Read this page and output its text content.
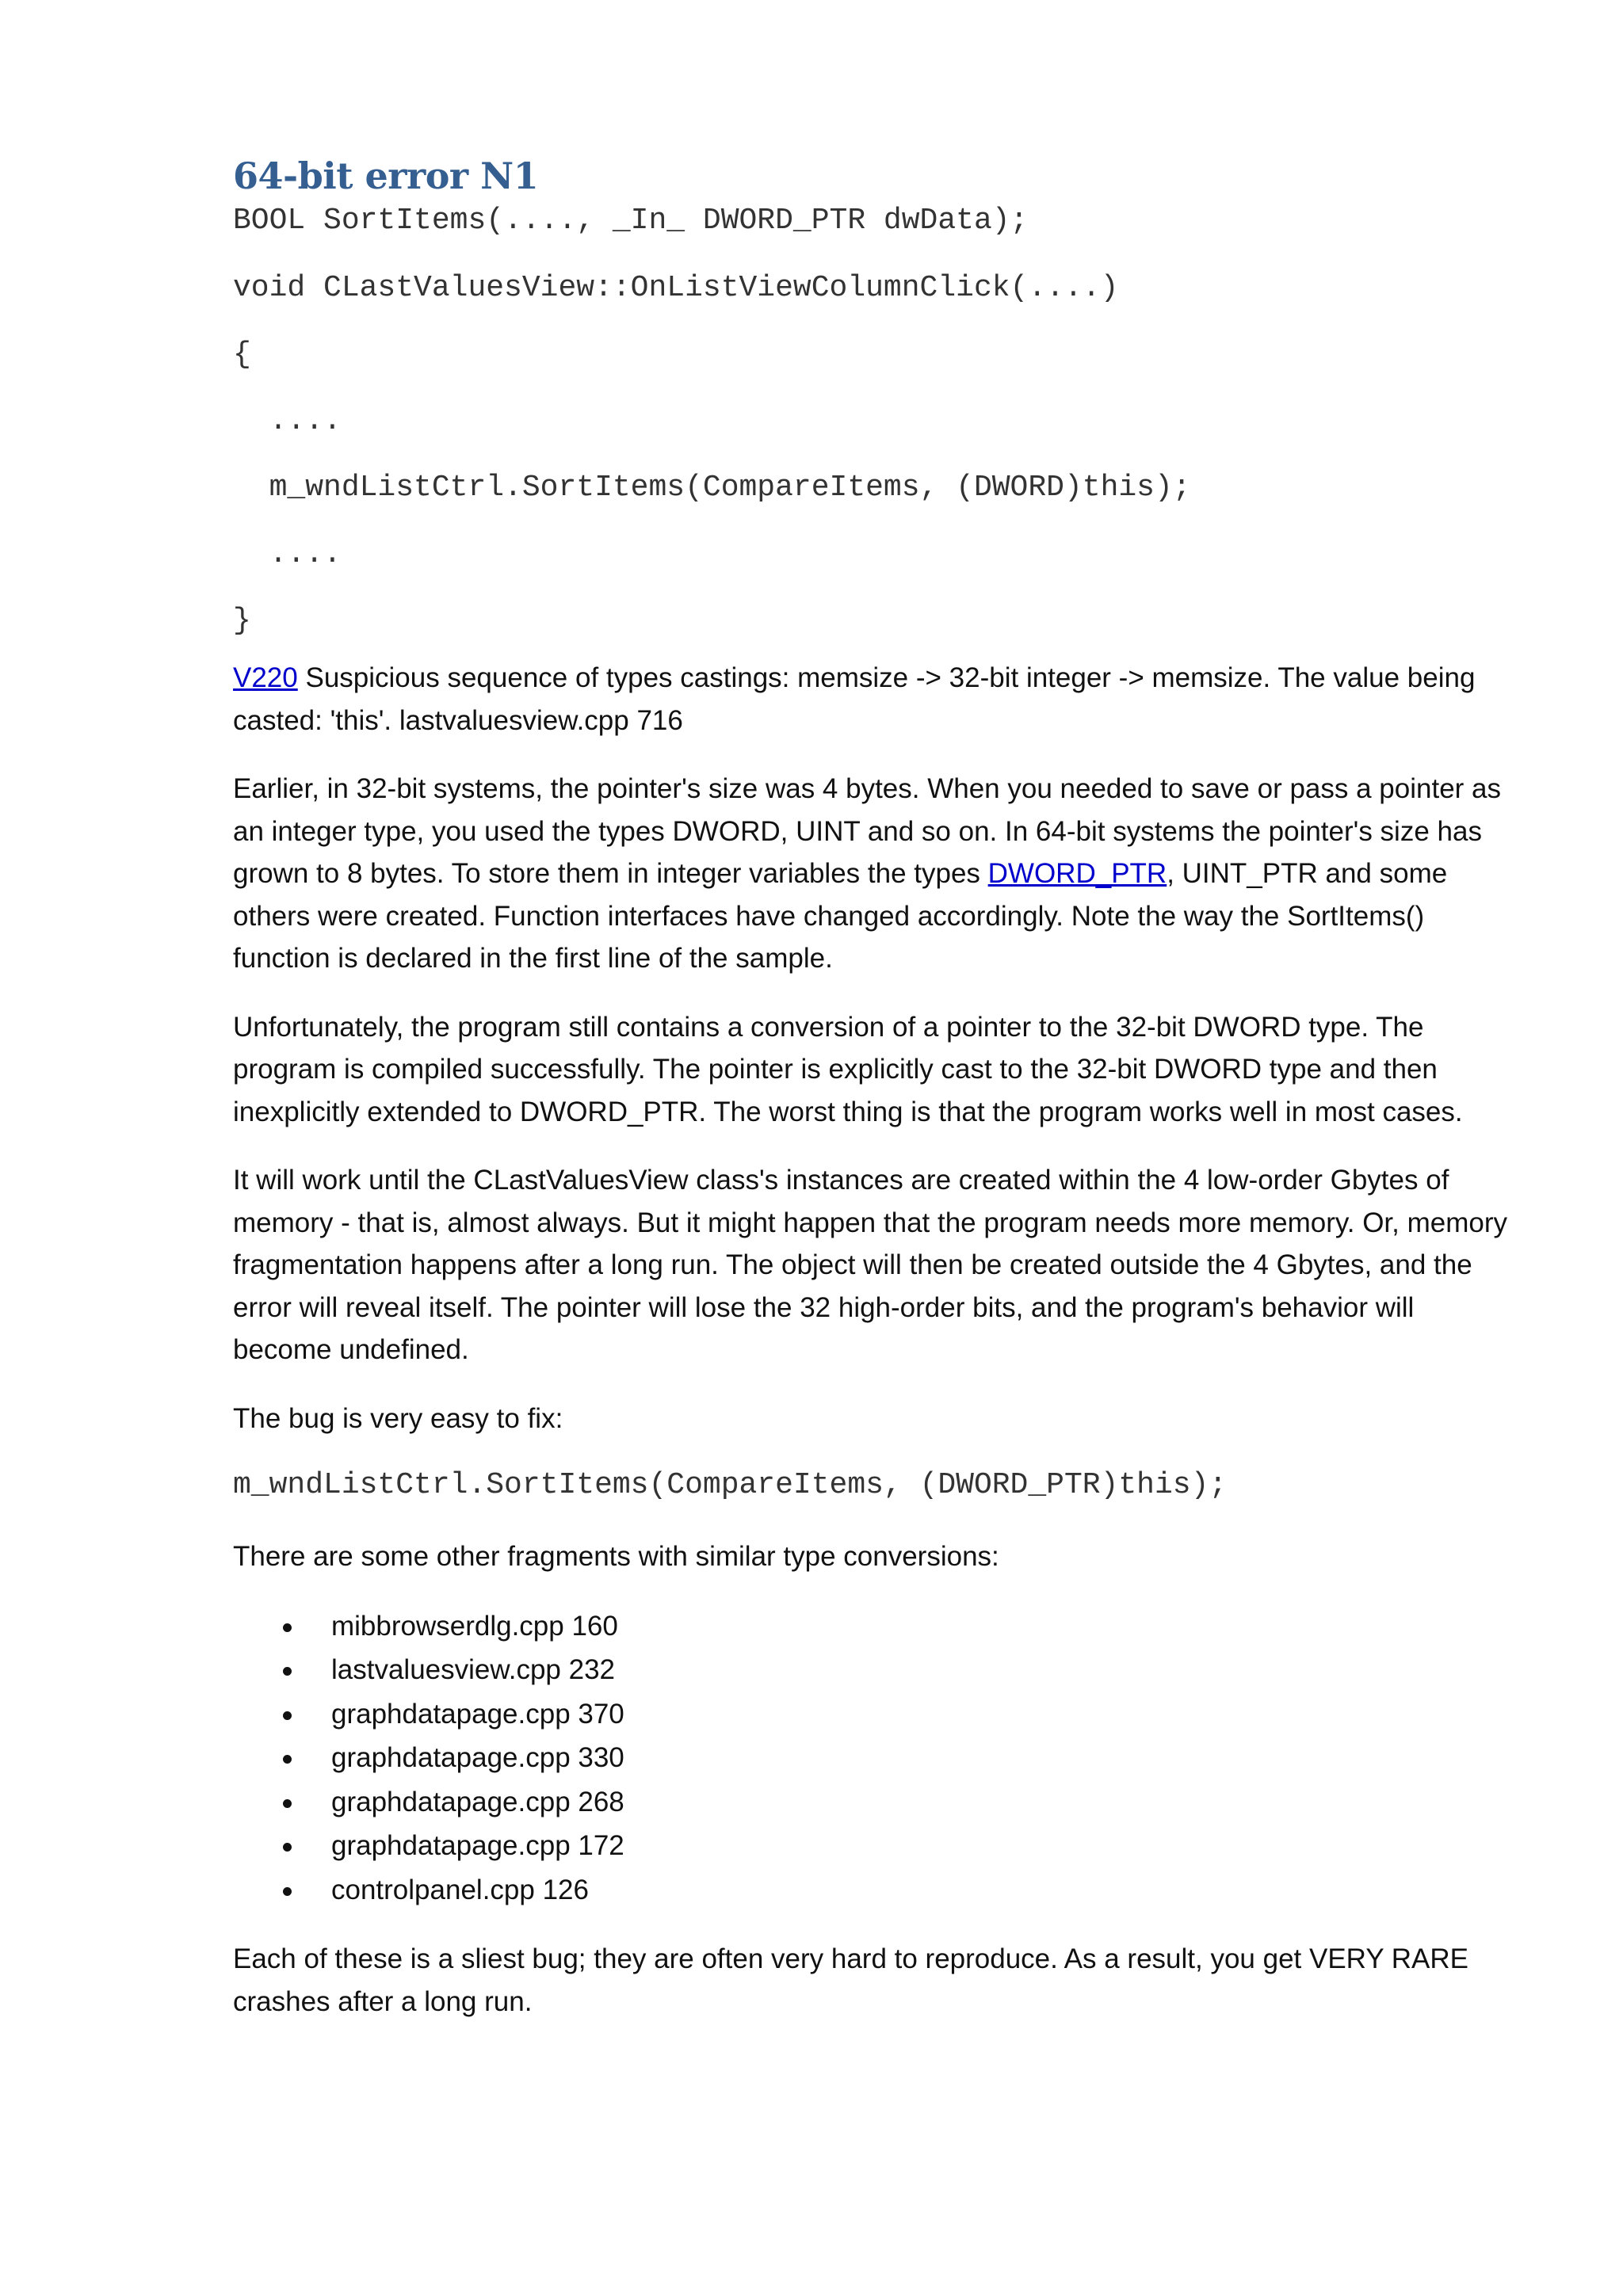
64-bit error N1
BOOL SortItems(...., _In_ DWORD_PTR dwData);
void CLastValuesView::OnListViewColumnClick(....)
{
....
m_wndListCtrl.SortItems(CompareItems, (DWORD)this);
....
}

V220 Suspicious sequence of types castings: memsize -> 32-bit integer -> memsize. The value being casted: 'this'. lastvaluesview.cpp 716

Earlier, in 32-bit systems, the pointer's size was 4 bytes. When you needed to save or pass a pointer as an integer type, you used the types DWORD, UINT and so on. In 64-bit systems the pointer's size has grown to 8 bytes. To store them in integer variables the types DWORD_PTR, UINT_PTR and some others were created. Function interfaces have changed accordingly. Note the way the SortItems() function is declared in the first line of the sample.

Unfortunately, the program still contains a conversion of a pointer to the 32-bit DWORD type. The program is compiled successfully. The pointer is explicitly cast to the 32-bit DWORD type and then inexplicitly extended to DWORD_PTR. The worst thing is that the program works well in most cases.

It will work until the CLastValuesView class's instances are created within the 4 low-order Gbytes of memory - that is, almost always. But it might happen that the program needs more memory. Or, memory fragmentation happens after a long run. The object will then be created outside the 4 Gbytes, and the error will reveal itself. The pointer will lose the 32 high-order bits, and the program's behavior will become undefined.

The bug is very easy to fix:

m_wndListCtrl.SortItems(CompareItems, (DWORD_PTR)this);

There are some other fragments with similar type conversions:

mibbrowserdlg.cpp 160
lastvaluesview.cpp 232
graphdatapage.cpp 370
graphdatapage.cpp 330
graphdatapage.cpp 268
graphdatapage.cpp 172
controlpanel.cpp 126

Each of these is a sliest bug; they are often very hard to reproduce. As a result, you get VERY RARE crashes after a long run.
